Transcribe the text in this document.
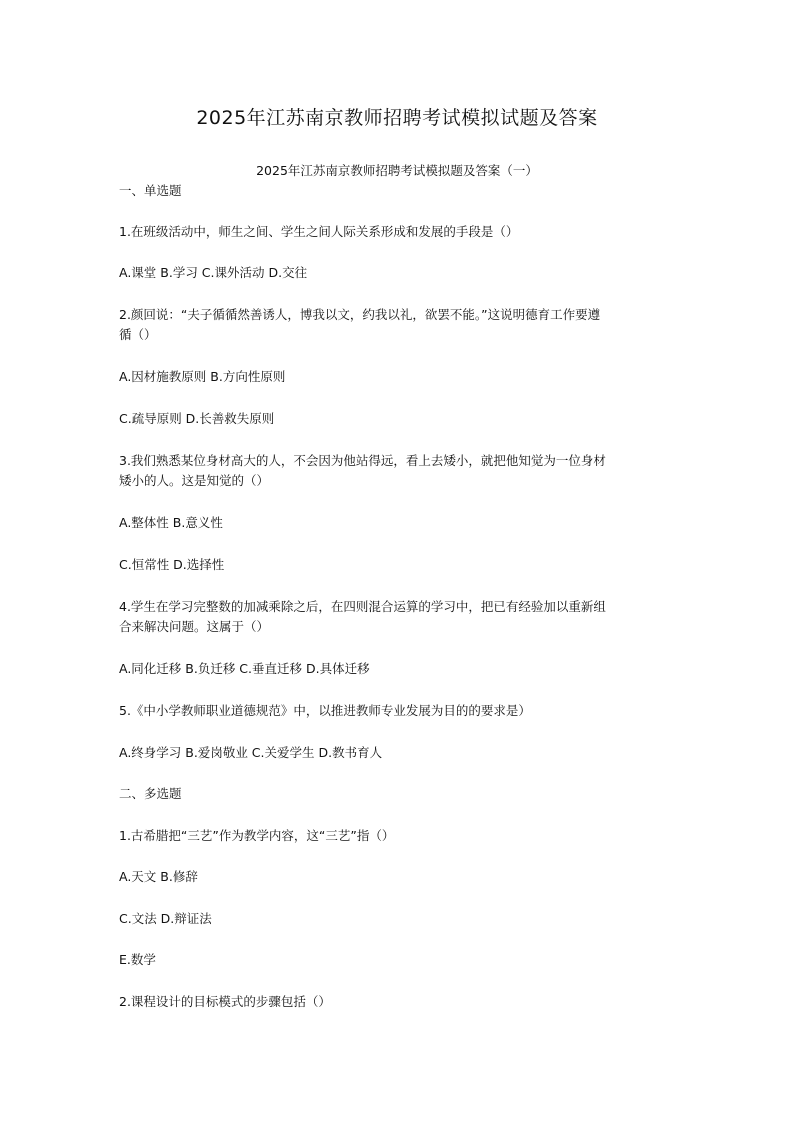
2025年江苏南京教师招聘考试模拟试题及答案
2025年江苏南京教师招聘考试模拟题及答案（一）
一、单选题
1.在班级活动中，师生之间、学生之间人际关系形成和发展的手段是（）
A.课堂 B.学习 C.课外活动 D.交往
2.颜回说：“夫子循循然善诱人，博我以文，约我以礼，欲罢不能。”这说明德育工作要遵
循（）
A.因材施教原则 B.方向性原则
C.疏导原则 D.长善救失原则
3.我们熟悉某位身材高大的人，不会因为他站得远，看上去矮小，就把他知觉为一位身材
矮小的人。这是知觉的（）
A.整体性 B.意义性
C.恒常性 D.选择性
4.学生在学习完整数的加减乘除之后，在四则混合运算的学习中，把已有经验加以重新组
合来解决问题。这属于（）
A.同化迁移 B.负迁移 C.垂直迁移 D.具体迁移
5.《中小学教师职业道德规范》中，以推进教师专业发展为目的的要求是）
A.终身学习 B.爱岗敬业 C.关爱学生 D.教书育人
二、多选题
1.古希腊把“三艺”作为教学内容，这“三艺”指（）
A.天文 B.修辞
C.文法 D.辩证法
E.数学
2.课程设计的目标模式的步骤包括（）
